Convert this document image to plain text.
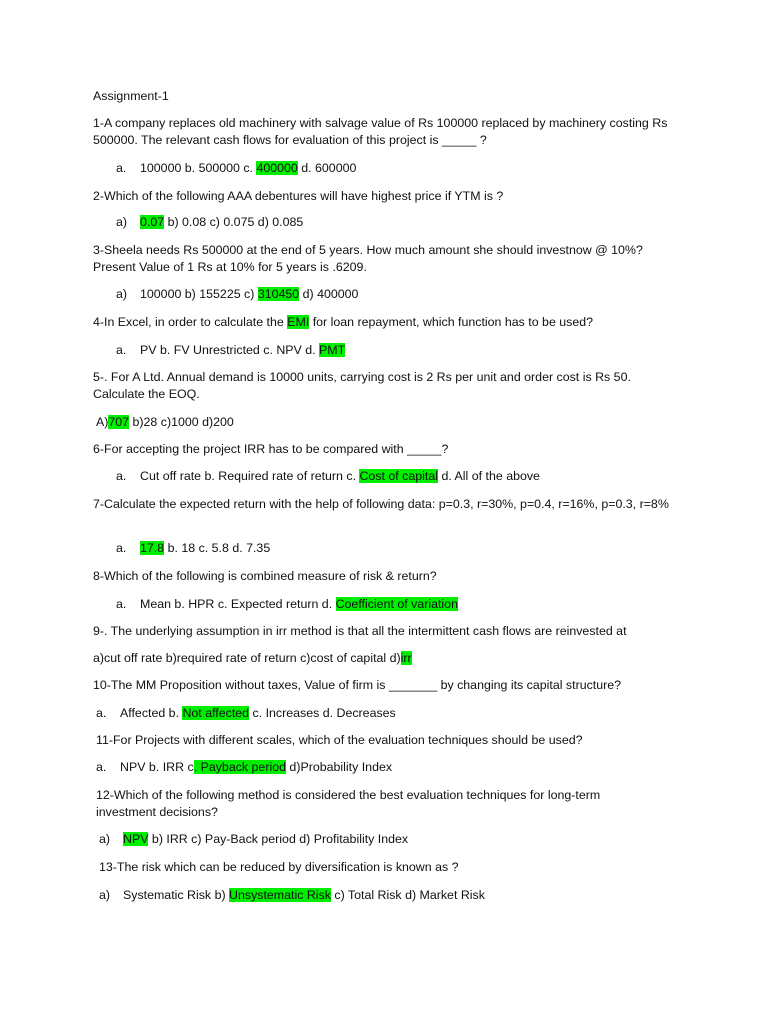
Assignment-1
1-A company replaces old machinery with salvage value of Rs 100000 replaced by machinery costing Rs 500000. The relevant cash flows for evaluation of this project is _____ ?
a. 100000 b. 500000 c. 400000 d. 600000
2-Which of the following AAA debentures will have highest price if YTM is ?
a) 0.07 b) 0.08 c) 0.075 d) 0.085
3-Sheela needs Rs 500000 at the end of 5 years. How much amount she should investnow @ 10%? Present Value of 1 Rs at 10% for 5 years is .6209.
a) 100000 b) 155225 c) 310450 d) 400000
4-In Excel, in order to calculate the EMI for loan repayment, which function has to be used?
a. PV b. FV Unrestricted c. NPV d. PMT
5-. For A Ltd. Annual demand is 10000 units, carrying cost is 2 Rs per unit and order cost is Rs 50. Calculate the EOQ.
A)707 b)28 c)1000 d)200
6-For accepting the project IRR has to be compared with _____?
a. Cut off rate b. Required rate of return c. Cost of capital d. All of the above
7-Calculate the expected return with the help of following data: p=0.3, r=30%, p=0.4, r=16%, p=0.3, r=8%
a. 17.8 b. 18 c. 5.8 d. 7.35
8-Which of the following is combined measure of risk & return?
a. Mean b. HPR c. Expected return d. Coefficient of variation
9-. The underlying assumption in irr method is that all the intermittent cash flows are reinvested at
a)cut off rate b)required rate of return c)cost of capital d)irr
10-The MM Proposition without taxes, Value of firm is _______ by changing its capital structure?
a. Affected b. Not affected c. Increases d. Decreases
11-For Projects with different scales, which of the evaluation techniques should be used?
a. NPV b. IRR c. Payback period d)Probability Index
12-Which of the following method is considered the best evaluation techniques for long-term investment decisions?
a) NPV b) IRR c) Pay-Back period d) Profitability Index
13-The risk which can be reduced by diversification is known as ?
a) Systematic Risk b) Unsystematic Risk c) Total Risk d) Market Risk
